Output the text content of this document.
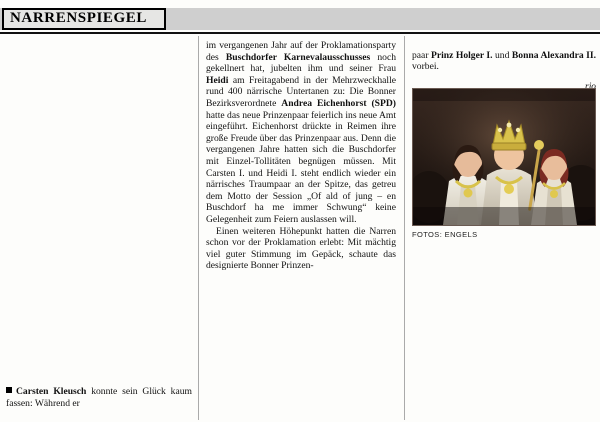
NARRENSPIEGEL
Carsten Kleusch konnte sein Glück kaum fassen: Während er

im vergangenen Jahr auf der Proklamationsparty des Buschdorfer Karnevalausschusses noch gekellnert hat, jubelten ihm und seiner Frau Heidi am Freitagabend in der Mehrzweckhalle rund 400 närrische Untertanen zu: Die Bonner Bezirksverordnete Andrea Eichenhorst (SPD) hatte das neue Prinzenpaar feierlich ins neue Amt eingeführt. Eichenhorst drückte in Reimen ihre große Freude über das Prinzenpaar aus. Denn die vergangenen Jahre hatten sich die Buschdorfer mit Einzel-Tollitäten begnügen müssen. Mit Carsten I. und Heidi I. steht endlich wieder ein närrisches Traumpaar an der Spitze, das getreu dem Motto der Session „Of ald of jung – en Buschdorf ha me immer Schwung“ keine Gelegenheit zum Feiern auslassen will.

Einen weiteren Höhepunkt hatten die Narren schon vor der Proklamation erlebt: Mit mächtig viel guter Stimmung im Gepäck, schaute das designierte Bonner Prinzen-

paar Prinz Holger I. und Bonna Alexandra II. vorbei.

FOTOS: ENGELS
